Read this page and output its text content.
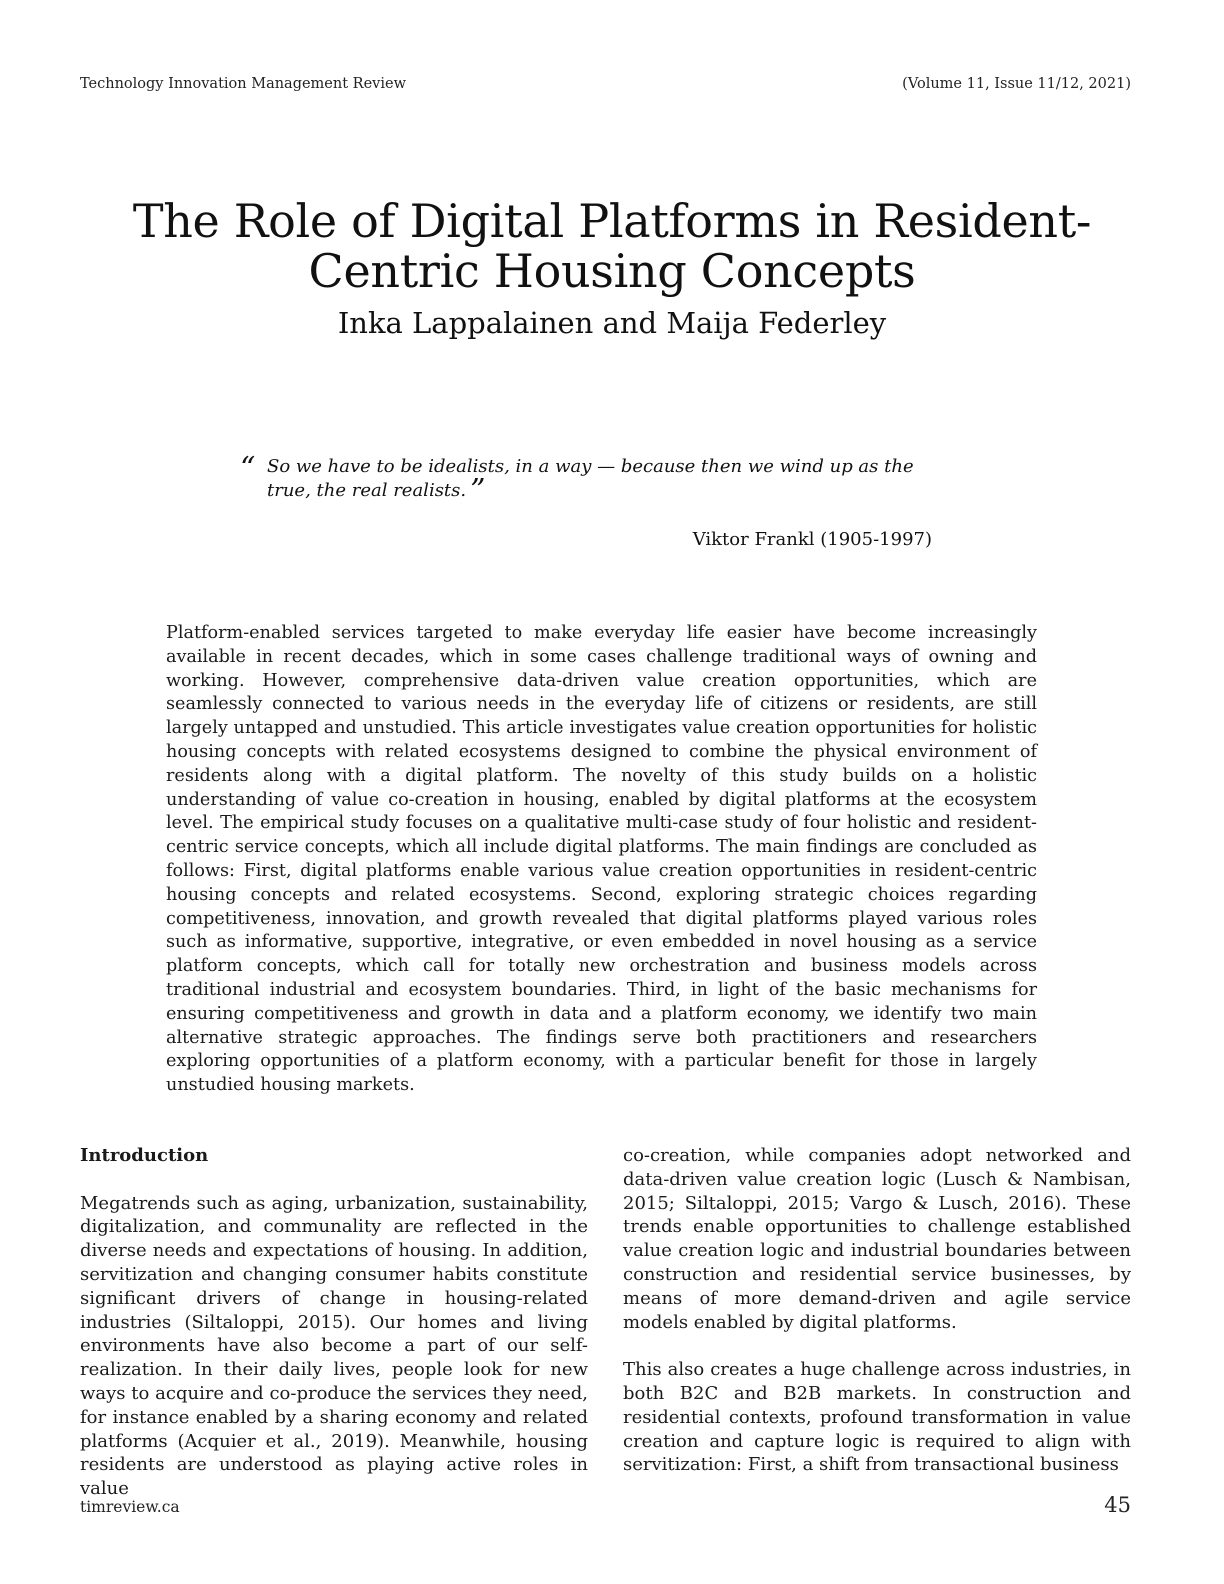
Technology Innovation Management Review	(Volume 11, Issue 11/12, 2021)
The Role of Digital Platforms in Resident-
Centric Housing Concepts
Inka Lappalainen and Maija Federley
“ So we have to be idealists, in a way — because then we wind up as the true, the real realists. ”
Viktor Frankl (1905-1997)
Platform-enabled services targeted to make everyday life easier have become increasingly available in recent decades, which in some cases challenge traditional ways of owning and working. However, comprehensive data-driven value creation opportunities, which are seamlessly connected to various needs in the everyday life of citizens or residents, are still largely untapped and unstudied. This article investigates value creation opportunities for holistic housing concepts with related ecosystems designed to combine the physical environment of residents along with a digital platform. The novelty of this study builds on a holistic understanding of value co-creation in housing, enabled by digital platforms at the ecosystem level. The empirical study focuses on a qualitative multi-case study of four holistic and resident-centric service concepts, which all include digital platforms. The main findings are concluded as follows: First, digital platforms enable various value creation opportunities in resident-centric housing concepts and related ecosystems. Second, exploring strategic choices regarding competitiveness, innovation, and growth revealed that digital platforms played various roles such as informative, supportive, integrative, or even embedded in novel housing as a service platform concepts, which call for totally new orchestration and business models across traditional industrial and ecosystem boundaries. Third, in light of the basic mechanisms for ensuring competitiveness and growth in data and a platform economy, we identify two main alternative strategic approaches. The findings serve both practitioners and researchers exploring opportunities of a platform economy, with a particular benefit for those in largely unstudied housing markets.
Introduction

Megatrends such as aging, urbanization, sustainability, digitalization, and communality are reflected in the diverse needs and expectations of housing. In addition, servitization and changing consumer habits constitute significant drivers of change in housing-related industries (Siltaloppi, 2015). Our homes and living environments have also become a part of our self-realization. In their daily lives, people look for new ways to acquire and co-produce the services they need, for instance enabled by a sharing economy and related platforms (Acquier et al., 2019). Meanwhile, housing residents are understood as playing active roles in value

co-creation, while companies adopt networked and data-driven value creation logic (Lusch & Nambisan, 2015; Siltaloppi, 2015; Vargo & Lusch, 2016). These trends enable opportunities to challenge established value creation logic and industrial boundaries between construction and residential service businesses, by means of more demand-driven and agile service models enabled by digital platforms.

This also creates a huge challenge across industries, in both B2C and B2B markets. In construction and residential contexts, profound transformation in value creation and capture logic is required to align with servitization: First, a shift from transactional business

timreview.ca	45
